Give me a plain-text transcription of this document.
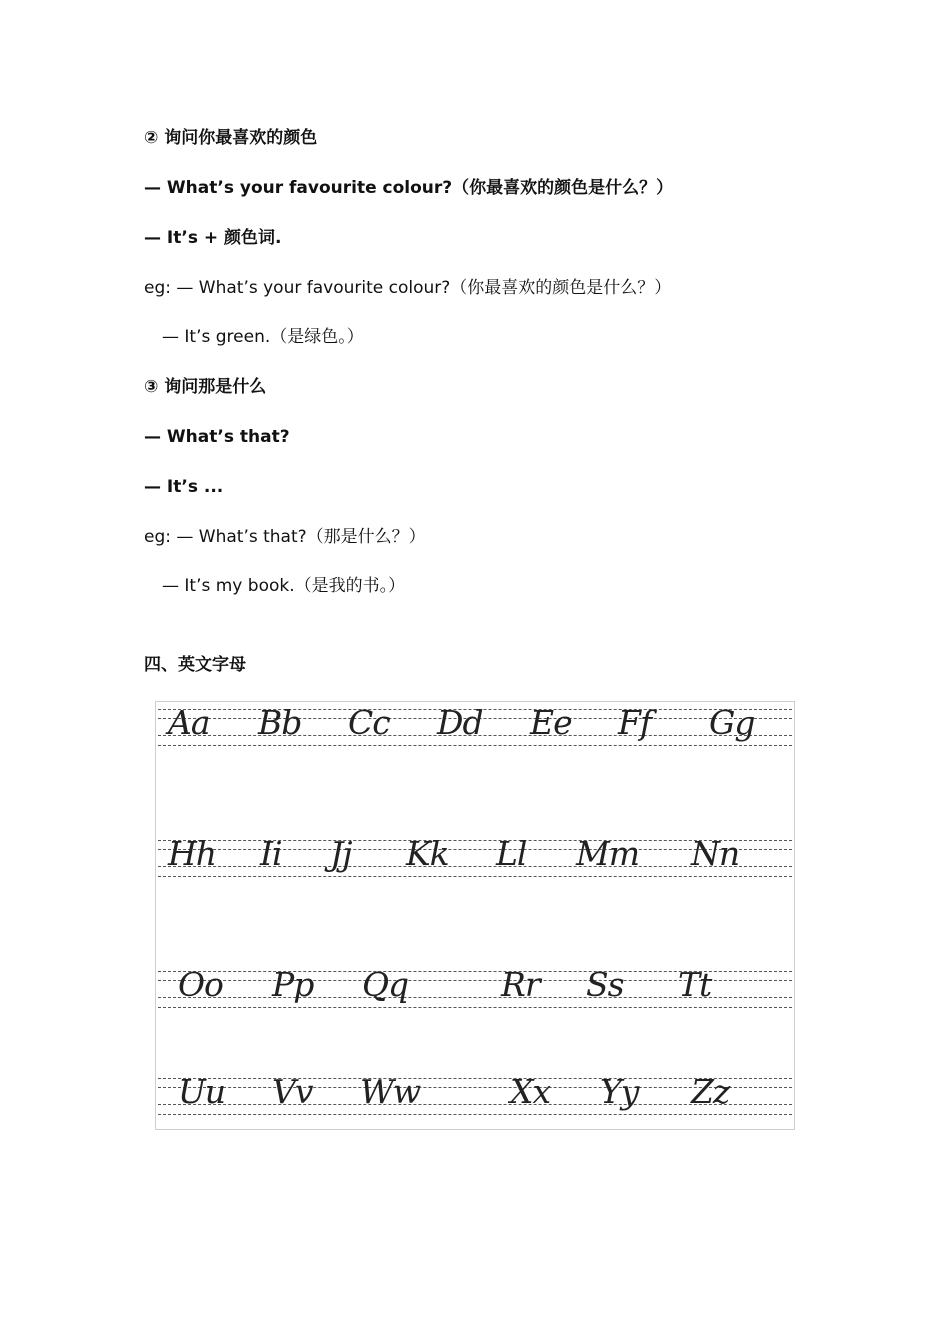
② 询问你最喜欢的颜色
— What’s your favourite colour?（你最喜欢的颜色是什么？）
— It’s + 颜色词.
eg: — What’s your favourite colour?（你最喜欢的颜色是什么？）
— It’s green.（是绿色。）
③ 询问那是什么
— What’s that?
— It’s ...
eg: — What’s that?（那是什么？）
— It’s my book.（是我的书。）
四、英文字母
Aa Bb Cc Dd Ee Ff Gg
Hh Ii Jj Kk Ll Mm Nn
Oo Pp Qq	Rr Ss Tt
Uu Vv Ww	Xx Yy Zz
